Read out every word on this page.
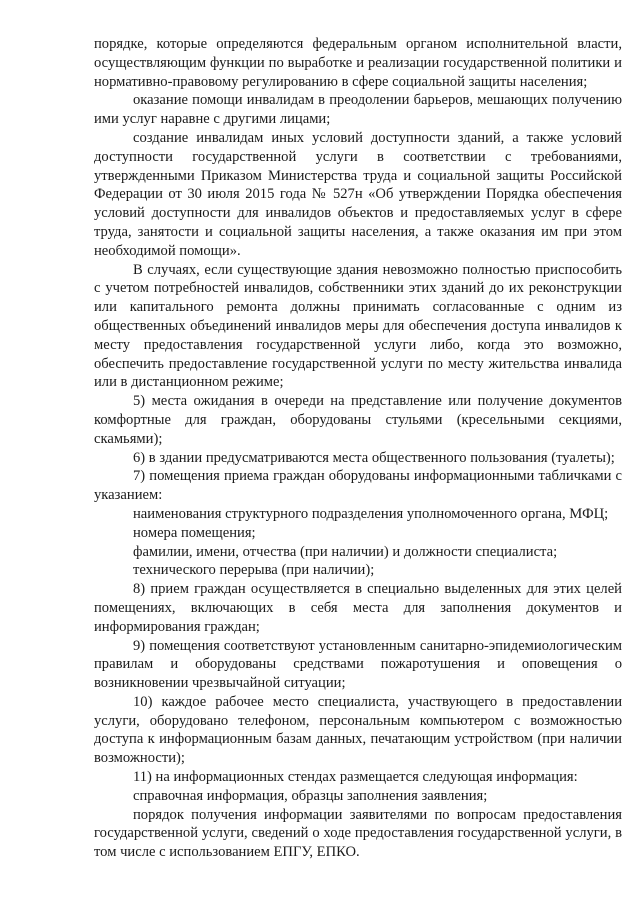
порядке, которые определяются федеральным органом исполнительной власти, осуществляющим функции по выработке и реализации государственной политики и нормативно-правовому регулированию в сфере социальной защиты населения;

оказание помощи инвалидам в преодолении барьеров, мешающих получению ими услуг наравне с другими лицами;

создание инвалидам иных условий доступности зданий, а также условий доступности государственной услуги в соответствии с требованиями, утвержденными Приказом Министерства труда и социальной защиты Российской Федерации от 30 июля 2015 года № 527н «Об утверждении Порядка обеспечения условий доступности для инвалидов объектов и предоставляемых услуг в сфере труда, занятости и социальной защиты населения, а также оказания им при этом необходимой помощи».

В случаях, если существующие здания невозможно полностью приспособить с учетом потребностей инвалидов, собственники этих зданий до их реконструкции или капитального ремонта должны принимать согласованные с одним из общественных объединений инвалидов меры для обеспечения доступа инвалидов к месту предоставления государственной услуги либо, когда это возможно, обеспечить предоставление государственной услуги по месту жительства инвалида или в дистанционном режиме;

5) места ожидания в очереди на представление или получение документов комфортные для граждан, оборудованы стульями (кресельными секциями, скамьями);

6) в здании предусматриваются места общественного пользования (туалеты);

7) помещения приема граждан оборудованы информационными табличками с указанием:

наименования структурного подразделения уполномоченного органа, МФЦ;

номера помещения;

фамилии, имени, отчества (при наличии) и должности специалиста;

технического перерыва (при наличии);

8) прием граждан осуществляется в специально выделенных для этих целей помещениях, включающих в себя места для заполнения документов и информирования граждан;

9) помещения соответствуют установленным санитарно-эпидемиологическим правилам и оборудованы средствами пожаротушения и оповещения о возникновении чрезвычайной ситуации;

10) каждое рабочее место специалиста, участвующего в предоставлении услуги, оборудовано телефоном, персональным компьютером с возможностью доступа к информационным базам данных, печатающим устройством (при наличии возможности);

11) на информационных стендах размещается следующая информация:

справочная информация, образцы заполнения заявления;

порядок получения информации заявителями по вопросам предоставления государственной услуги, сведений о ходе предоставления государственной услуги, в том числе с использованием ЕПГУ, ЕПКО.
